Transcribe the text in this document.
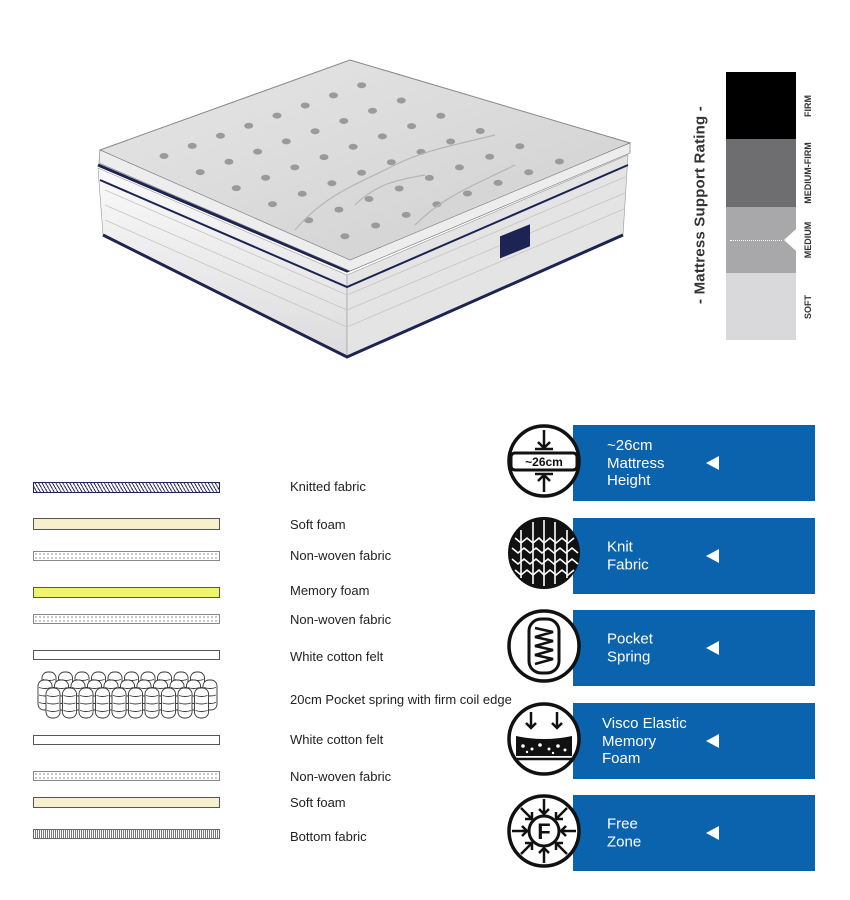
- Mattress Support Rating -
FIRM
MEDIUM-FIRM
MEDIUM
SOFT
Knitted fabric
Soft foam
Non-woven fabric
Memory foam
Non-woven fabric
White cotton felt
20cm Pocket spring with firm coil edge
White cotton felt
Non-woven fabric
Soft foam
Bottom fabric
~26cm
Mattress
Height
~26cm
Knit
Fabric
Pocket
Spring
Visco Elastic
Memory
Foam
Free
Zone
F
